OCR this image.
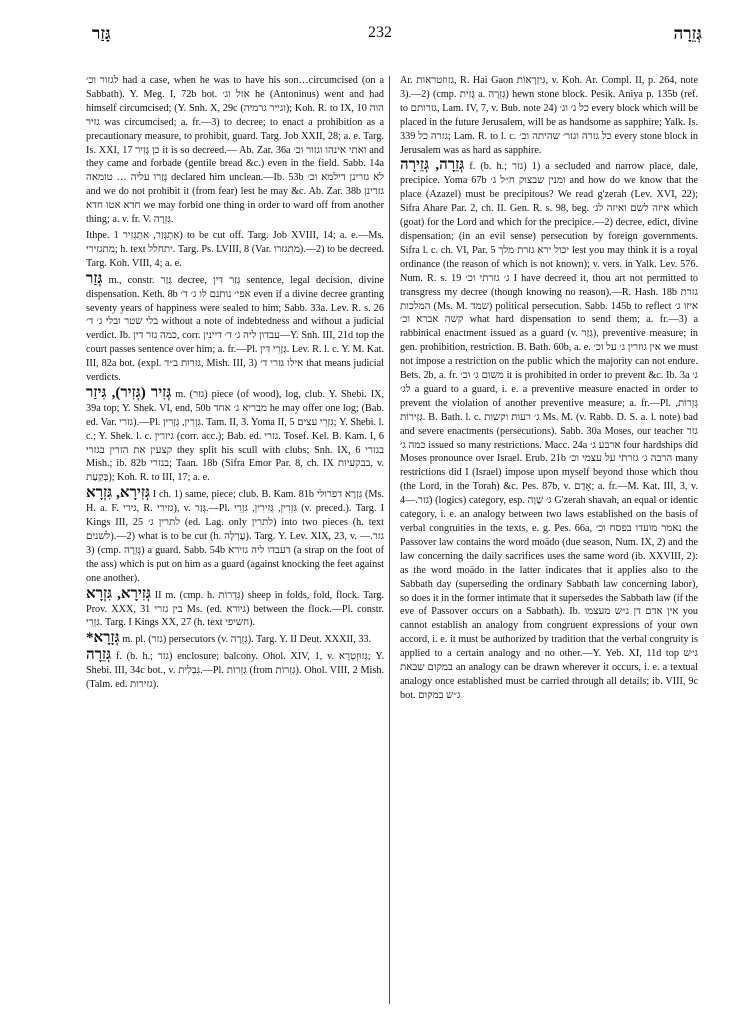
גָּזַר	232	גְּזֵרָה

לגזור וכ׳ had a case, when he was to have his son…circumcised (on a Sabbath). Y. Meg. I, 72b bot. אזל וג׳ he (Antoninus) went and had himself circumcised; (Y. Snh. X, 29c (וגייר גרמיה); Koh. R. to IX, 10 הוה גזיר was circumcised; a. fr.—3) to decree; to enact a prohibition as a precautionary measure, to prohibit, guard. Targ. Job XXII, 28; a. e. Targ. Is. XXI, 17 כן גְּזִיר it is so decreed.— Ab. Zar. 36a ואתי אינהו וגזור וכ׳ and they came and forbade (gentile bread &c.) even in the field. Sabb. 14a גְּזַרו עליה … טומאה declared him unclean.—Ib. 53b לא גזרינן דילמא וכ׳ and we do not prohibit it (from fear) lest he may &c. Ab. Zar. 38b גזרינן חדא אטו חדא we may forbid one thing in order to ward off from another thing; a. v. fr. V. גְּזֵרָה.

Ithpe. אִתְגְּזַר, אִתְגְּזִיר 1) to be cut off. Targ. Job XVIII, 14; a. e.—Ms. מתגזירי; h. text יתחלל. Targ. Ps. LVIII, 8 (Var. מתגזרו).—2) to be decreed. Targ. Koh. VIII, 4; a. e.

גְּזַר m., constr. גְּזַר decree, גְּזַר דִּין sentence, legal decision, divine dispensation. Keth. 8b אפי׳ נותנם לו ג׳ ד׳ even if a divine decree granting seventy years of happiness were sealed to him; Sabb. 33a. Lev. R. s. 26 בלי שטר ובלי ג׳ ד׳ without a note of indebtedness and without a judicial verdict. Ib. כמה גזר דין, corr. עבדון ליה ג׳ ד׳ דיינין—Y. Snh. III, 21d top the court passes sentence over him; a. fr.—Pl. גְּזָרֵי דִּין. Lev. R. l. c. Y. M. Kat. III, 82a bot. (expl. גזרות ב״ד, Mish. III, 3) אילו גזרי ד׳ that means judicial verdicts.

גְּזִיר (גְּזִיר), גִּיזַר m. (גזר) piece (of wood), log, club. Y. Shebi. IX, 39a top; Y. Shek. VI, end, 50b מבריא ג׳ אחד he may offer one log; (Bab. ed. Var. גזרי).—Pl. גִּזְרִין, גְּזָרִין. Tam. II, 3. Yoma II, 5 גִּזְרֵי עצים; Y. Shebi. l. c.; Y. Shek. l. c. גיזרין (corr. acc.); Bab. ed. גזרי. Tosef. Kel. B. Kam. I, 6 קצעין את הזרין בגזרי they split his scull with clubs; Snh. IX, 6 בגזרי Mish.; ib. 82b בגזרי; Taan. 18b (Sifra Emor Par. 8, ch. IX בבקעיות, v. בְּקַעַת); Koh. R. to III, 17; a. e.

גְּזִירָא, גִּזְרָא I ch. 1) same, piece; club. B. Kam. 81b גִּזְרָא דפרולי (Ms. H. a. F. גירי, R. גזירי), v. גְּזַר.—Pl. גִּזְרִין, גְּזִירִין, גִּזְרֵי (v. preced.). Targ. I Kings III, 25 לתרין ג׳ (ed. Lag. only לתרין) into two pieces (h. text לשנים).—2) what is to be cut (h. עָרְלָה). Targ. Y. Lev. XIX, 23, v. גזר.—3) (cmp. גְּזֵרָה) a guard. Sabb. 54b דעבדו ליה גזירא (a strap on the foot of the ass) which is put on him as a guard (against knocking the feet against one another).

גְּזִירָא, גִּזְרָא II m. (cmp. h. גְּדֵרוֹת) sheep in folds, fold, flock. Targ. Prov. XXX, 31 בין גזרי Ms. (ed. גיורא) between the flock.—Pl. constr. גִּזְרֵי. Targ. I Kings XX, 27 (h. text חשיפי).

*גְּזָרָא m. pl. (גזר) persecutors (v. גְּזֵרָה). Targ. Y. II Deut. XXXII, 33.

גְּזֵרָה f. (b. h.; גזר) enclosure; balcony. Ohol. XIV, 1, v. גְּזוּזְטְרָא; Y. Shebi. III, 34c bot., v. גִּבְלִית.—Pl. גְּזֵרוֹת (from גְּזֵרוֹת). Ohol. VIII, 2 Mish. (Talm. ed. גזירות).

Ar. גזוזטראות, R. Hai Gaon גִּיזְרָאוֹת, v. Koh. Ar. Compl. II, p. 264, note 3).—2) (cmp. גָּזִית a. גְּזֵרָה) hewn stone block. Pesik. Aniya p. 135b (ref. to גזרותם, Lam. IV, 7, v. Bub. note 24) כל ג׳ וג׳ every block which will be placed in the future Jerusalem, will be as handsome as sapphire; Yalk. Is. 339 גזרה כל; Lam. R. to l. c. כל גזרה וגזר׳ שהיתה וכ׳ every stone block in Jerusalem was as hard as sapphire.

גְּזֵרָה, גְּזֵירָה f. (b. h.; גזר) 1) a secluded and narrow place, dale, precipice. Yoma 67b ומנין שבצוק ח״ל ג׳ and how do we know that the place (Azazel) must be precipitous? We read g'zerah (Lev. XVI, 22); Sifra Ahare Par. 2, ch. II. Gen. R. s. 98, beg. איזה לשם ואיזה לג׳ which (goat) for the Lord and which for the precipice.—2) decree, edict, divine dispensation; (in an evil sense) persecution by foreign governments. Sifra l. c. ch. VI, Par. 5 יכול ירא גזרת מלך lest you may think it is a royal ordinance (the reason of which is not known); v. vers. in Yalk. Lev. 576. Num. R. s. 19 ג׳ גזרתי וכ׳ I have decreed it, thou art not permitted to transgress my decree (though knowing no reason).—R. Hash. 18b גזרת המלכות (Ms. M. שמד) political persecution. Sabb. 145b to reflect איזו ג׳ קשה אברא וכ׳ what hard dispensation to send them; a. fr.—3) a rabbinical enactment issued as a guard (v. גְּזַר), preventive measure; in gen. prohibition, restriction. B. Bath. 60b, a. e. אין גוזרין ג׳ על וכ׳ we must not impose a restriction on the public which the majority can not endure. Bets. 2b, a. fr. משום ג׳ וכ׳ it is prohibited in order to prevent &c. Ib. 3a ג׳ לג׳ a guard to a guard, i. e. a preventive measure enacted in order to prevent the violation of another preventive measure; a. fr.—Pl. גְּזֵרוֹת, גְּזֵירוֹת. B. Bath. l. c. ג׳ רעות וקשות Ms. M. (v. Rabb. D. S. a. l. note) bad and severe enactments (persecutions). Sabb. 30a Moses, our teacher גזר כמה ג׳ issued so many restrictions. Macc. 24a ארבע ג׳ four hardships did Moses pronounce over Israel. Erub. 21b הרבה ג׳ גזרתי על עצמי וכ׳ many restrictions did I (Israel) impose upon myself beyond those which thou (the Lord, in the Torah) &c. Pes. 87b, v. אָדָם; a. fr.—M. Kat. III, 3, v. גזר.—4) (logics) category, esp. ג׳ שָׁוָה G'zerah shavah, an equal or identic category, i. e. an analogy between two laws established on the basis of verbal congruities in the texts, e. g. Pes. 66a, נאמר מועדו בפסח וכ׳ the Passover law contains the word moädo (due season, Num. IX, 2) and the law concerning the daily sacrifices uses the same word (ib. XXVIII, 2): as the word moädo in the latter indicates that it applies also to the Sabbath day (superseding the ordinary Sabbath law concerning labor), so does it in the former intimate that it supersedes the Sabbath law (if the eve of Passover occurs on a Sabbath). Ib. אין אדם דן ג״ש מעצמו you cannot establish an analogy from congruent expressions of your own accord, i. e. it must be authorized by tradition that the verbal congruity is applied to a certain analogy and no other.—Y. Yeb. XI, 11d top ג״ש במקום שבאת an analogy can be drawn wherever it occurs, i. e. a textual analogy once established must be carried through all details; ib. VIII, 9c bot. ג״ש במקום
